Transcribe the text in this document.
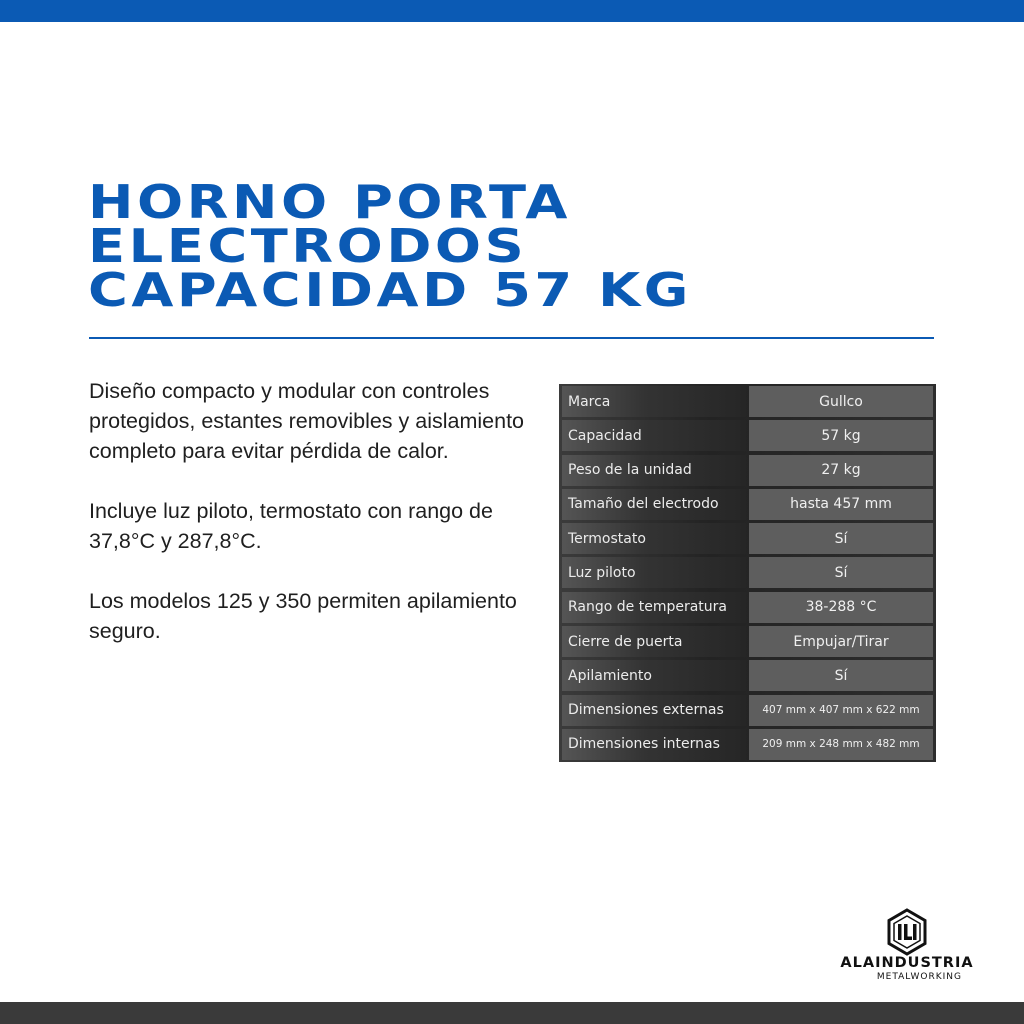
HORNO PORTA
ELECTRODOS
CAPACIDAD 57 KG

Diseño compacto y modular con controles protegidos, estantes removibles y aislamiento completo para evitar pérdida de calor.

Incluye luz piloto, termostato con rango de 37,8°C y 287,8°C.

Los modelos 125 y 350 permiten apilamiento seguro.

Marca	Gullco
Capacidad	57 kg
Peso de la unidad	27 kg
Tamaño del electrodo	hasta 457 mm
Termostato	Sí
Luz piloto	Sí
Rango de temperatura	38-288 °C
Cierre de puerta	Empujar/Tirar
Apilamiento	Sí
Dimensiones externas	407 mm x 407 mm x 622 mm
Dimensiones internas	209 mm x 248 mm x 482 mm
ALAINDUSTRIA
METALWORKING
